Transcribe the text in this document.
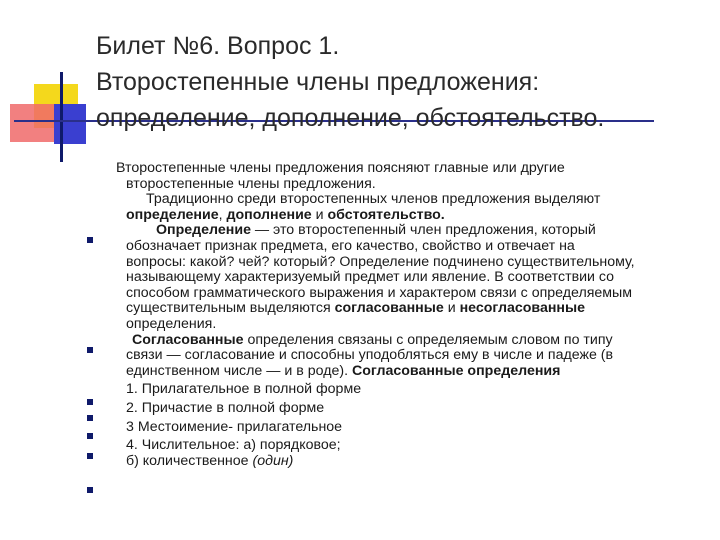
Билет №6. Вопрос 1.
Второстепенные члены предложения:
определение, дополнение, обстоятельство.
Второстепенные члены предложения поясняют главные или другие
второстепенные члены предложения.
Традиционно среди второстепенных членов предложения выделяют
определение, дополнение и обстоятельство.
Определение — это второстепенный член предложения, который
обозначает признак предмета, его качество, свойство и отвечает на
вопросы: какой? чей? который? Определение подчинено существительному,
называющему характеризуемый предмет или явление. В соответствии со
способом грамматического выражения и характером связи с определяемым
существительным выделяются согласованные и несогласованные
определения.
Согласованные определения связаны с определяемым словом по типу
связи — согласование и способны уподобляться ему в числе и падеже (в
единственном числе — и в роде). Согласованные определения
1. Прилагательное в полной форме
2. Причастие в полной форме
3 Местоимение- прилагательное
4. Числительное: а) порядковое;
б) количественное (один)
